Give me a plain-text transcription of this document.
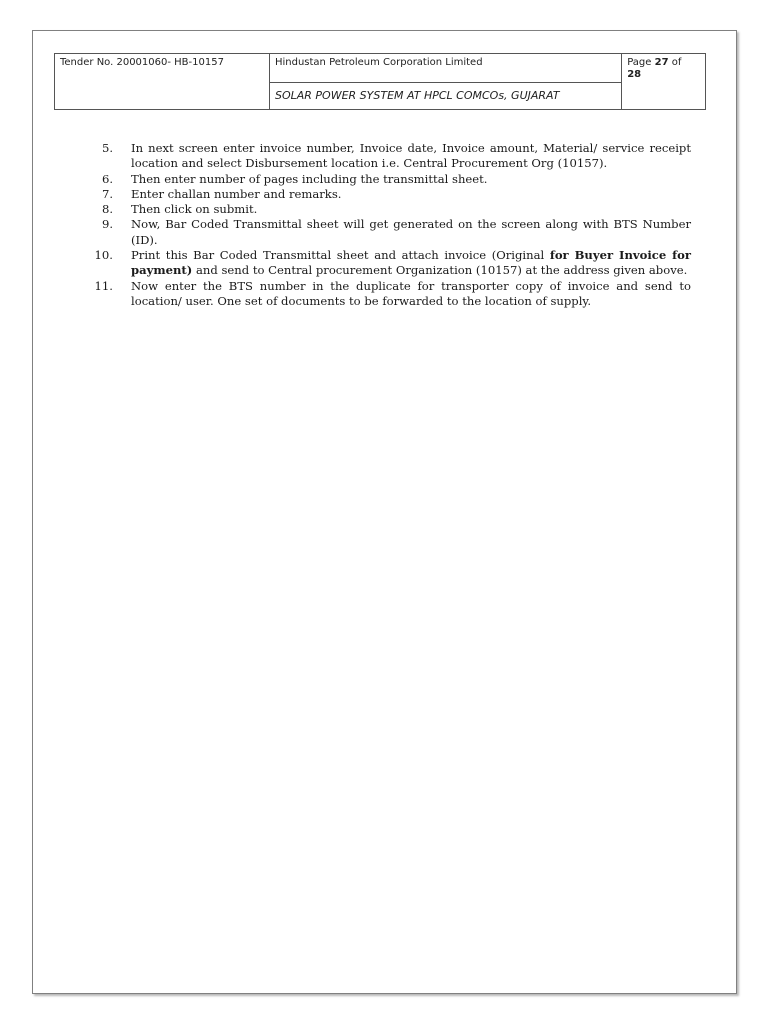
Tender No. 20001060- HB-10157	Hindustan Petroleum Corporation Limited	Page 27 of
28
SOLAR POWER SYSTEM AT HPCL COMCOs, GUJARAT
5.	In next screen enter invoice number, Invoice date, Invoice amount, Material/ service receipt location and select Disbursement location i.e. Central Procurement Org (10157).
6.	Then enter number of pages including the transmittal sheet.
7.	Enter challan number and remarks.
8.	Then click on submit.
9.	Now, Bar Coded Transmittal sheet will get generated on the screen along with BTS Number (ID).
10.	Print this Bar Coded Transmittal sheet and attach invoice (Original for Buyer Invoice for payment) and send to Central procurement Organization (10157) at the address given above.
11.	Now enter the BTS number in the duplicate for transporter copy of invoice and send to location/ user. One set of documents to be forwarded to the location of supply.
